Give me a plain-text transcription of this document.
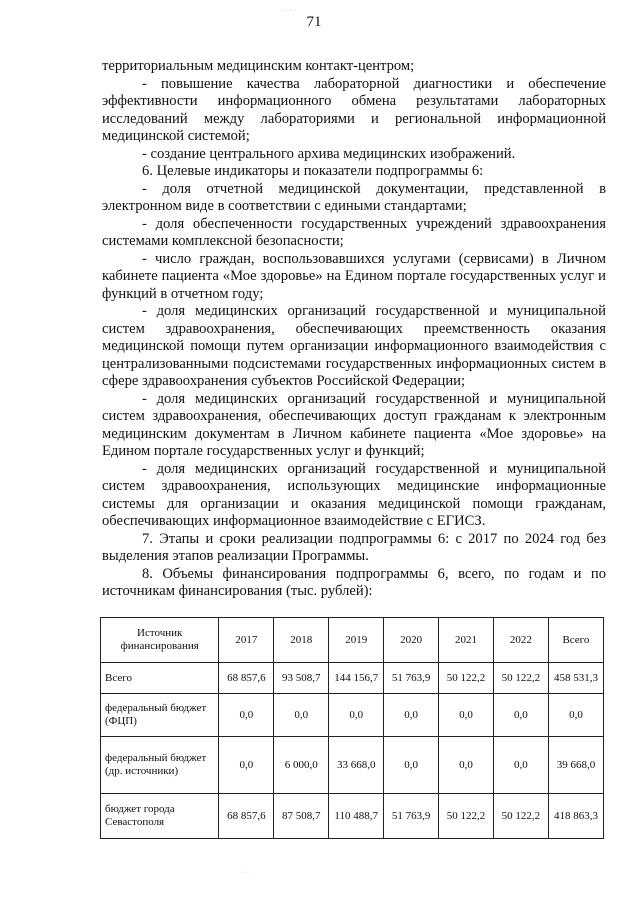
71

территориальным медицинским контакт-центром;

- повышение качества лабораторной диагностики и обеспечение эффективности информационного обмена результатами лабораторных исследований между лабораториями и региональной информационной медицинской системой;

- создание центрального архива медицинских изображений.

6. Целевые индикаторы и показатели подпрограммы 6:

- доля отчетной медицинской документации, представленной в электронном виде в соответствии с едиными стандартами;

- доля обеспеченности государственных учреждений здравоохранения системами комплексной безопасности;

- число граждан, воспользовавшихся услугами (сервисами) в Личном кабинете пациента «Мое здоровье» на Едином портале государственных услуг и функций в отчетном году;

- доля медицинских организаций государственной и муниципальной систем здравоохранения, обеспечивающих преемственность оказания медицинской помощи путем организации информационного взаимодействия с централизованными подсистемами государственных информационных систем в сфере здравоохранения субъектов Российской Федерации;

- доля медицинских организаций государственной и муниципальной систем здравоохранения, обеспечивающих доступ гражданам к электронным медицинским документам в Личном кабинете пациента «Мое здоровье» на Едином портале государственных услуг и функций;

- доля медицинских организаций государственной и муниципальной систем здравоохранения, использующих медицинские информационные системы для организации и оказания медицинской помощи гражданам, обеспечивающих информационное взаимодействие с ЕГИСЗ.

7. Этапы и сроки реализации подпрограммы 6: с 2017 по 2024 год без выделения этапов реализации Программы.

8. Объемы финансирования подпрограммы 6, всего, по годам и по источникам финансирования (тыс. рублей):

Источник финансирования	2017	2018	2019	2020	2021	2022	Всего
Всего	68 857,6	93 508,7	144 156,7	51 763,9	50 122,2	50 122,2	458 531,3
федеральный бюджет (ФЦП)	0,0	0,0	0,0	0,0	0,0	0,0	0,0
федеральный бюджет (др. источники)	0,0	6 000,0	33 668,0	0,0	0,0	0,0	39 668,0
бюджет города Севастополя	68 857,6	87 508,7	110 488,7	51 763,9	50 122,2	50 122,2	418 863,3
· · ·· ·
· · ·
